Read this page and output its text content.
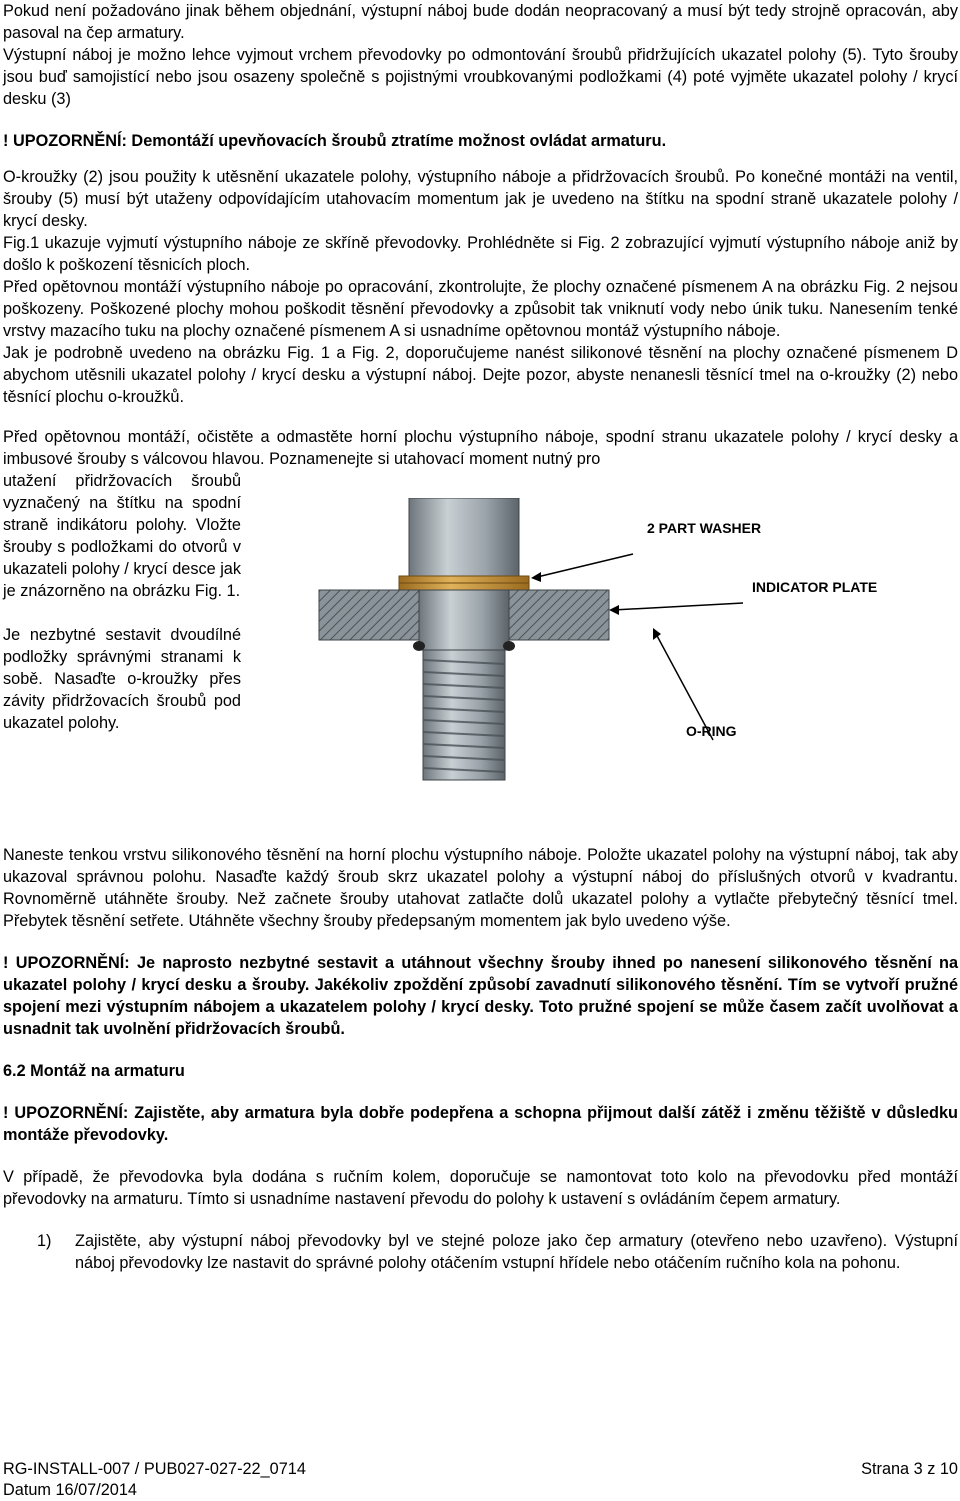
Pokud není požadováno jinak během objednání, výstupní náboj bude dodán neopracovaný a musí být tedy strojně opracován, aby pasoval na čep armatury.

Výstupní náboj je možno lehce vyjmout vrchem převodovky po odmontování šroubů přidržujících ukazatel polohy (5). Tyto šrouby jsou buď samojistící nebo jsou osazeny společně s pojistnými vroubkovanými podložkami (4) poté vyjměte ukazatel polohy / krycí desku (3)

! UPOZORNĚNÍ: Demontáží upevňovacích šroubů ztratíme možnost ovládat armaturu.

O-kroužky (2) jsou použity k utěsnění ukazatele polohy, výstupního náboje a přidržovacích šroubů. Po konečné montáži na ventil, šrouby (5) musí být utaženy odpovídajícím utahovacím momentum jak je uvedeno na štítku na spodní straně ukazatele polohy / krycí desky.

Fig.1 ukazuje vyjmutí výstupního náboje ze skříně převodovky. Prohlédněte si Fig. 2 zobrazující vyjmutí výstupního náboje aniž by došlo k poškození těsnicích ploch.

Před opětovnou montáží výstupního náboje po opracování, zkontrolujte, že plochy označené písmenem A na obrázku Fig. 2 nejsou poškozeny. Poškozené plochy mohou poškodit těsnění převodovky a způsobit tak vniknutí vody nebo únik tuku. Nanesením tenké vrstvy mazacího tuku na plochy označené písmenem A si usnadníme opětovnou montáž výstupního náboje.

Jak je podrobně uvedeno na obrázku Fig. 1 a Fig. 2, doporučujeme nanést silikonové těsnění na plochy označené písmenem D abychom utěsnili ukazatel polohy / krycí desku a výstupní náboj. Dejte pozor, abyste nenanesli těsnící tmel na o-kroužky (2) nebo těsnící plochu o-kroužků.

Před opětovnou montáží, očistěte a odmastěte horní plochu výstupního náboje, spodní stranu ukazatele polohy / krycí desky a imbusové šrouby s válcovou hlavou. Poznamenejte si utahovací moment nutný pro

utažení přidržovacích šroubů vyznačený na štítku na spodní straně indikátoru polohy. Vložte šrouby s podložkami do otvorů v ukazateli polohy / krycí desce jak je znázorněno na obrázku Fig. 1.

Je nezbytné sestavit dvoudílné podložky správnými stranami k sobě. Nasaďte o-kroužky přes závity přidržovacích šroubů pod ukazatel polohy.

2 PART WASHER
INDICATOR PLATE
O-RING

Naneste tenkou vrstvu silikonového těsnění na horní plochu výstupního náboje. Položte ukazatel polohy na výstupní náboj, tak aby ukazoval správnou polohu. Nasaďte každý šroub skrz ukazatel polohy a výstupní náboj do příslušných otvorů v kvadrantu. Rovnoměrně utáhněte šrouby. Než začnete šrouby utahovat zatlačte dolů ukazatel polohy a vytlačte přebytečný těsnící tmel. Přebytek těsnění setřete. Utáhněte všechny šrouby předepsaným momentem jak bylo uvedeno výše.

! UPOZORNĚNÍ: Je naprosto nezbytné sestavit a utáhnout všechny šrouby ihned po nanesení silikonového těsnění na ukazatel polohy / krycí desku a šrouby. Jakékoliv zpoždění způsobí zavadnutí silikonového těsnění. Tím se vytvoří pružné spojení mezi výstupním nábojem a ukazatelem polohy / krycí desky. Toto pružné spojení se může časem začít uvolňovat a usnadnit tak uvolnění přidržovacích šroubů.

6.2 Montáž na armaturu

! UPOZORNĚNÍ: Zajistěte, aby armatura byla dobře podepřena a schopna přijmout další zátěž i změnu těžiště v důsledku montáže převodovky.

V případě, že převodovka byla dodána s ručním kolem, doporučuje se namontovat toto kolo na převodovku před montáží převodovky na armaturu. Tímto si usnadníme nastavení převodu do polohy k ustavení s ovládáním čepem armatury.

1)	Zajistěte, aby výstupní náboj převodovky byl ve stejné poloze jako čep armatury (otevřeno nebo uzavřeno). Výstupní náboj převodovky lze nastavit do správné polohy otáčením vstupní hřídele nebo otáčením ručního kola na pohonu.

RG-INSTALL-007 / PUB027-027-22_0714
Datum 16/07/2014
Strana 3 z 10
